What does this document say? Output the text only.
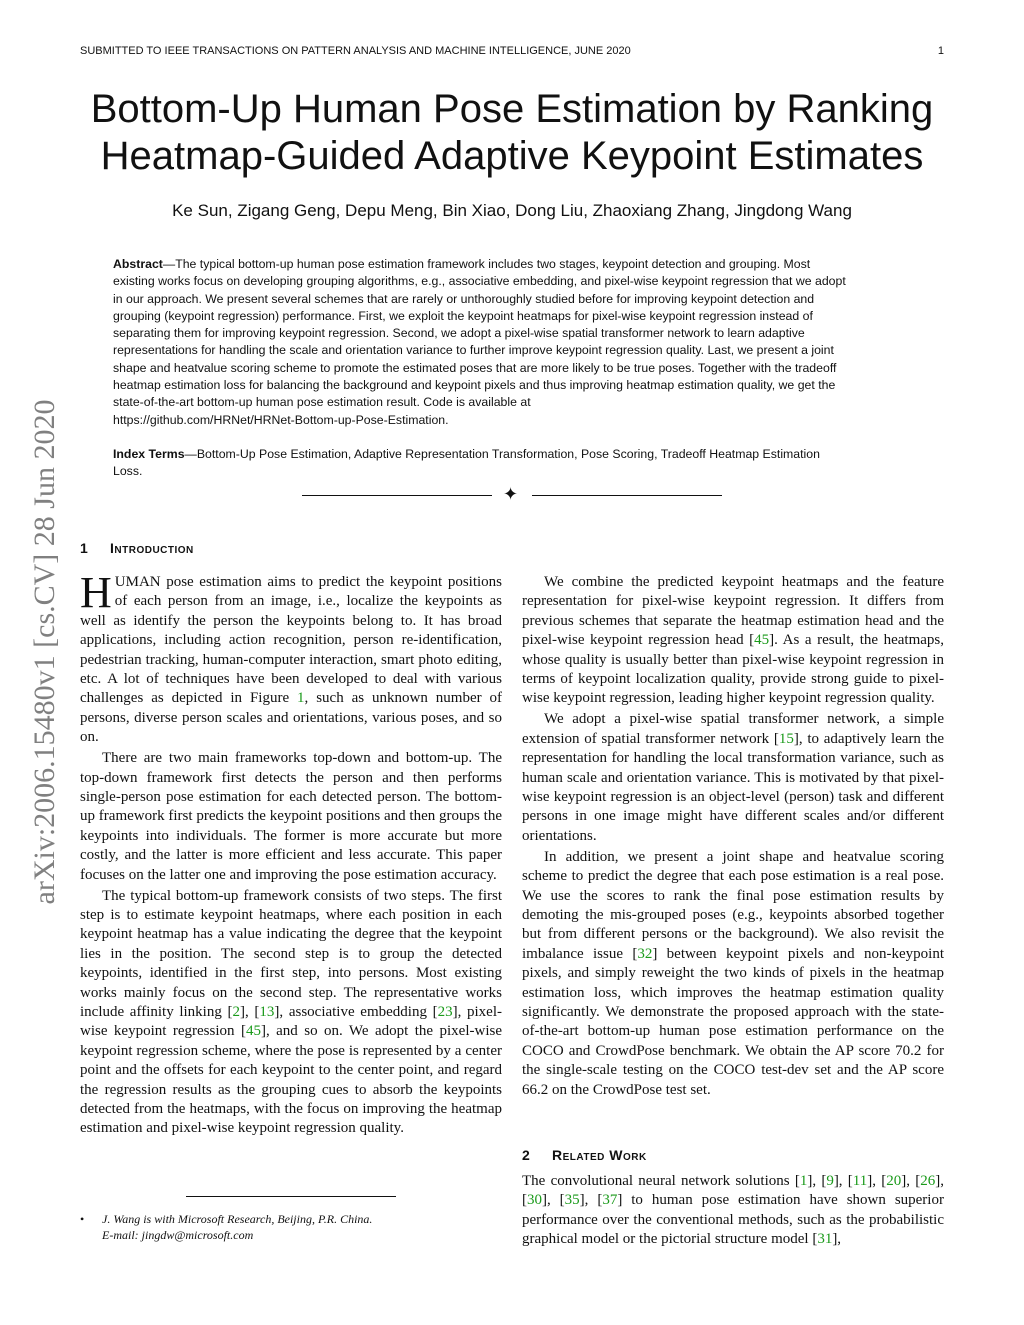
SUBMITTED TO IEEE TRANSACTIONS ON PATTERN ANALYSIS AND MACHINE INTELLIGENCE, JUNE 2020	1
Bottom-Up Human Pose Estimation by Ranking
Heatmap-Guided Adaptive Keypoint Estimates
Ke Sun, Zigang Geng, Depu Meng, Bin Xiao, Dong Liu, Zhaoxiang Zhang, Jingdong Wang
Abstract—The typical bottom-up human pose estimation framework includes two stages, keypoint detection and grouping. Most
existing works focus on developing grouping algorithms, e.g., associative embedding, and pixel-wise keypoint regression that we adopt
in our approach. We present several schemes that are rarely or unthoroughly studied before for improving keypoint detection and
grouping (keypoint regression) performance. First, we exploit the keypoint heatmaps for pixel-wise keypoint regression instead of
separating them for improving keypoint regression. Second, we adopt a pixel-wise spatial transformer network to learn adaptive
representations for handling the scale and orientation variance to further improve keypoint regression quality. Last, we present a joint
shape and heatvalue scoring scheme to promote the estimated poses that are more likely to be true poses. Together with the tradeoff
heatmap estimation loss for balancing the background and keypoint pixels and thus improving heatmap estimation quality, we get the
state-of-the-art bottom-up human pose estimation result. Code is available at
https://github.com/HRNet/HRNet-Bottom-up-Pose-Estimation.
Index Terms—Bottom-Up Pose Estimation, Adaptive Representation Transformation, Pose Scoring, Tradeoff Heatmap Estimation
Loss.
✦
1 Introduction

HUMAN pose estimation aims to predict the keypoint positions of each person from an image, i.e., localize the keypoints as well as identify the person the keypoints belong to. It has broad applications, including action recognition, person re-identification, pedestrian tracking, human-computer interaction, smart photo editing, etc. A lot of techniques have been developed to deal with various challenges as depicted in Figure 1, such as unknown number of persons, diverse person scales and orientations, various poses, and so on.

There are two main frameworks top-down and bottom-up. The top-down framework first detects the person and then performs single-person pose estimation for each detected person. The bottom-up framework first predicts the keypoint positions and then groups the keypoints into individuals. The former is more accurate but more costly, and the latter is more efficient and less accurate. This paper focuses on the latter one and improving the pose estimation accuracy.

The typical bottom-up framework consists of two steps. The first step is to estimate keypoint heatmaps, where each position in each keypoint heatmap has a value indicating the degree that the keypoint lies in the position. The second step is to group the detected keypoints, identified in the first step, into persons. Most existing works mainly focus on the second step. The representative works include affinity linking [2], [13], associative embedding [23], pixel-wise keypoint regression [45], and so on. We adopt the pixel-wise keypoint regression scheme, where the pose is represented by a center point and the offsets for each keypoint to the center point, and regard the regression results as the grouping cues to absorb the keypoints detected from the heatmaps, with the focus on improving the heatmap estimation and pixel-wise keypoint regression quality.

We combine the predicted keypoint heatmaps and the feature representation for pixel-wise keypoint regression. It differs from previous schemes that separate the heatmap estimation head and the pixel-wise keypoint regression head [45]. As a result, the heatmaps, whose quality is usually better than pixel-wise keypoint regression in terms of keypoint localization quality, provide strong guide to pixel-wise keypoint regression, leading higher keypoint regression quality.

We adopt a pixel-wise spatial transformer network, a simple extension of spatial transformer network [15], to adaptively learn the representation for handling the local transformation variance, such as human scale and orientation variance. This is motivated by that pixel-wise keypoint regression is an object-level (person) task and different persons in one image might have different scales and/or different orientations.

In addition, we present a joint shape and heatvalue scoring scheme to predict the degree that each pose estimation is a real pose. We use the scores to rank the final pose estimation results by demoting the mis-grouped poses (e.g., keypoints absorbed together but from different persons or the background). We also revisit the imbalance issue [32] between keypoint pixels and non-keypoint pixels, and simply reweight the two kinds of pixels in the heatmap estimation loss, which improves the heatmap estimation quality significantly. We demonstrate the proposed approach with the state-of-the-art bottom-up human pose estimation performance on the COCO and CrowdPose benchmark. We obtain the AP score 70.2 for the single-scale testing on the COCO test-dev set and the AP score 66.2 on the CrowdPose test set.

2 Related Work

The convolutional neural network solutions [1], [9], [11], [20], [26], [30], [35], [37] to human pose estimation have shown superior performance over the conventional methods, such as the probabilistic graphical model or the pictorial structure model [31],

• J. Wang is with Microsoft Research, Beijing, P.R. China.
E-mail: jingdw@microsoft.com
arXiv:2006.15480v1 [cs.CV] 28 Jun 2020
